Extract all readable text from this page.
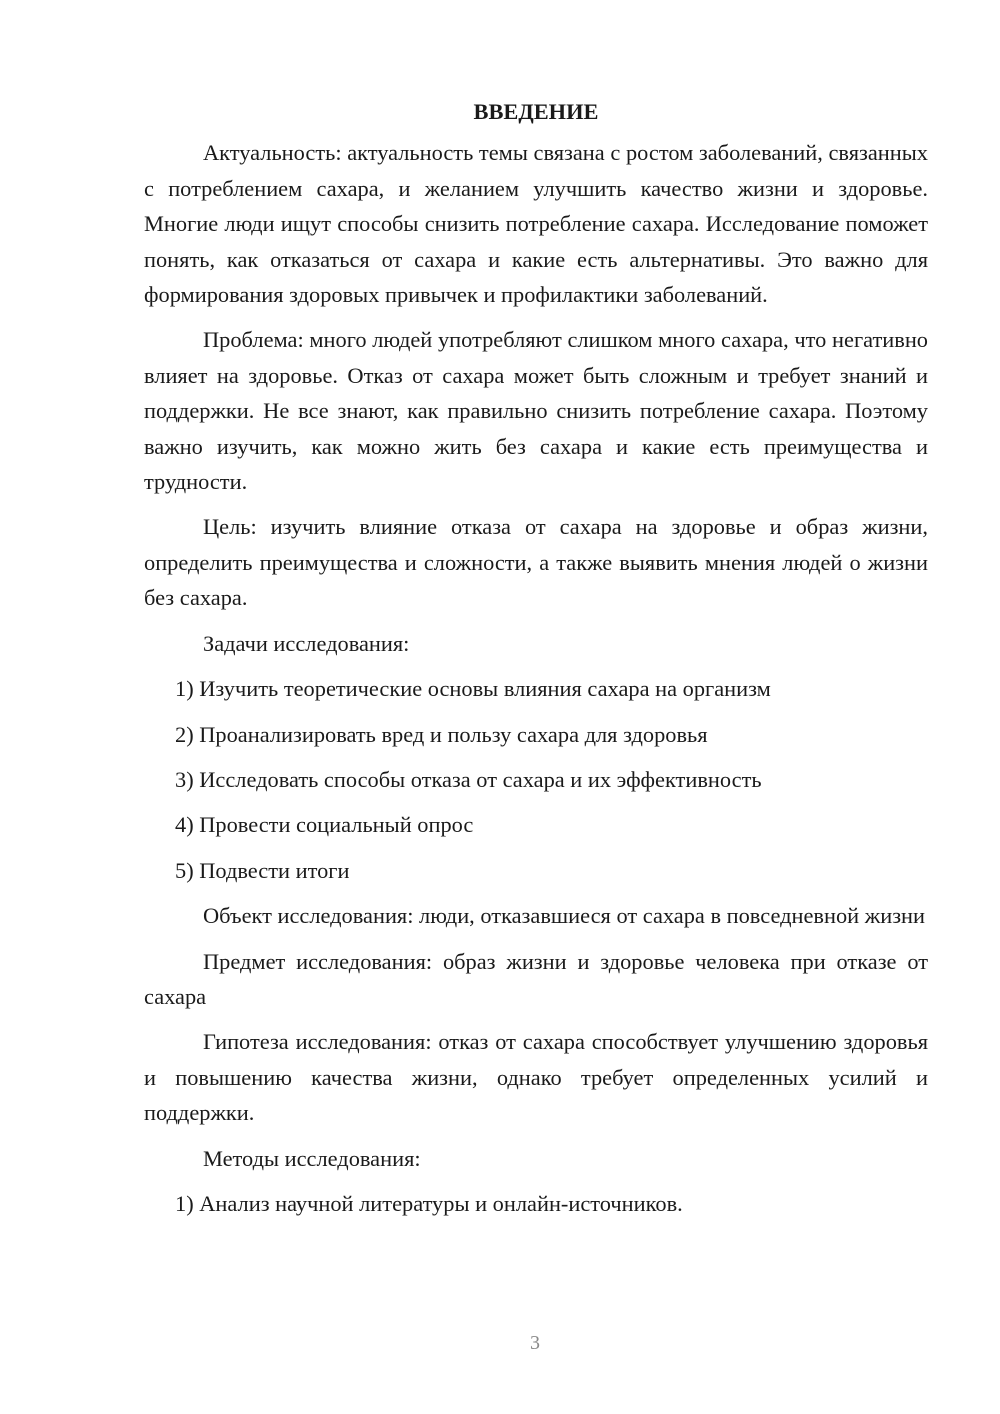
ВВЕДЕНИЕ

Актуальность: актуальность темы связана с ростом заболеваний, связанных с потреблением сахара, и желанием улучшить качество жизни и здоровье. Многие люди ищут способы снизить потребление сахара. Исследование поможет понять, как отказаться от сахара и какие есть альтернативы. Это важно для формирования здоровых привычек и профилактики заболеваний.

Проблема: много людей употребляют слишком много сахара, что негативно влияет на здоровье. Отказ от сахара может быть сложным и требует знаний и поддержки. Не все знают, как правильно снизить потребление сахара. Поэтому важно изучить, как можно жить без сахара и какие есть преимущества и трудности.

Цель: изучить влияние отказа от сахара на здоровье и образ жизни, определить преимущества и сложности, а также выявить мнения людей о жизни без сахара.

Задачи исследования:

1) Изучить теоретические основы влияния сахара на организм
2) Проанализировать вред и пользу сахара для здоровья
3) Исследовать способы отказа от сахара и их эффективность
4) Провести социальный опрос
5) Подвести итоги

Объект исследования: люди, отказавшиеся от сахара в повседневной жизни

Предмет исследования: образ жизни и здоровье человека при отказе от сахара

Гипотеза исследования: отказ от сахара способствует улучшению здоровья и повышению качества жизни, однако требует определенных усилий и поддержки.

Методы исследования:

1) Анализ научной литературы и онлайн-источников.
3
